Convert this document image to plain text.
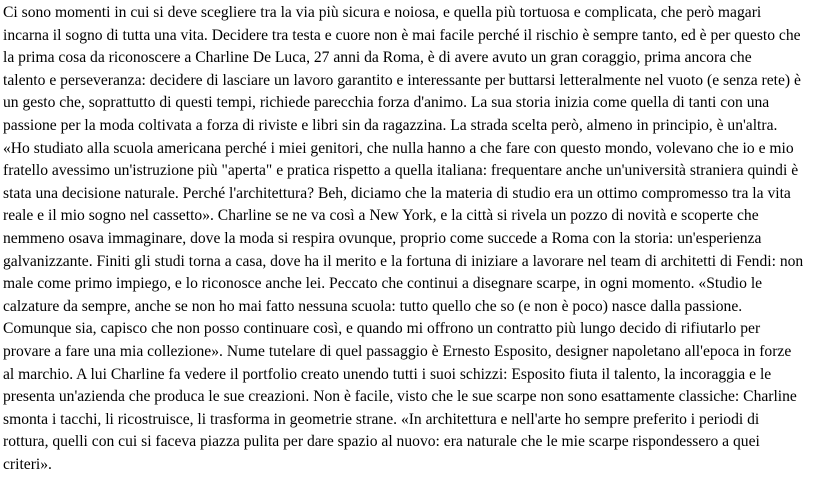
Ci sono momenti in cui si deve scegliere tra la via più sicura e noiosa, e quella più tortuosa e complicata, che però magari
incarna il sogno di tutta una vita. Decidere tra testa e cuore non è mai facile perché il rischio è sempre tanto, ed è per questo che
la prima cosa da riconoscere a Charline De Luca, 27 anni da Roma, è di avere avuto un gran coraggio, prima ancora che
talento e perseveranza: decidere di lasciare un lavoro garantito e interessante per buttarsi letteralmente nel vuoto (e senza rete) è
un gesto che, soprattutto di questi tempi, richiede parecchia forza d'animo. La sua storia inizia come quella di tanti con una
passione per la moda coltivata a forza di riviste e libri sin da ragazzina. La strada scelta però, almeno in principio, è un'altra.
«Ho studiato alla scuola americana perché i miei genitori, che nulla hanno a che fare con questo mondo, volevano che io e mio
fratello avessimo un'istruzione più "aperta" e pratica rispetto a quella italiana: frequentare anche un'università straniera quindi è
stata una decisione naturale. Perché l'architettura? Beh, diciamo che la materia di studio era un ottimo compromesso tra la vita
reale e il mio sogno nel cassetto». Charline se ne va così a New York, e la città si rivela un pozzo di novità e scoperte che
nemmeno osava immaginare, dove la moda si respira ovunque, proprio come succede a Roma con la storia: un'esperienza
galvanizzante. Finiti gli studi torna a casa, dove ha il merito e la fortuna di iniziare a lavorare nel team di architetti di Fendi: non
male come primo impiego, e lo riconosce anche lei. Peccato che continui a disegnare scarpe, in ogni momento. «Studio le
calzature da sempre, anche se non ho mai fatto nessuna scuola: tutto quello che so (e non è poco) nasce dalla passione.
Comunque sia, capisco che non posso continuare così, e quando mi offrono un contratto più lungo decido di rifiutarlo per
provare a fare una mia collezione». Nume tutelare di quel passaggio è Ernesto Esposito, designer napoletano all'epoca in forze
al marchio. A lui Charline fa vedere il portfolio creato unendo tutti i suoi schizzi: Esposito fiuta il talento, la incoraggia e le
presenta un'azienda che produca le sue creazioni. Non è facile, visto che le sue scarpe non sono esattamente classiche: Charline
smonta i tacchi, li ricostruisce, li trasforma in geometrie strane. «In architettura e nell'arte ho sempre preferito i periodi di
rottura, quelli con cui si faceva piazza pulita per dare spazio al nuovo: era naturale che le mie scarpe rispondessero a quei
criteri».
